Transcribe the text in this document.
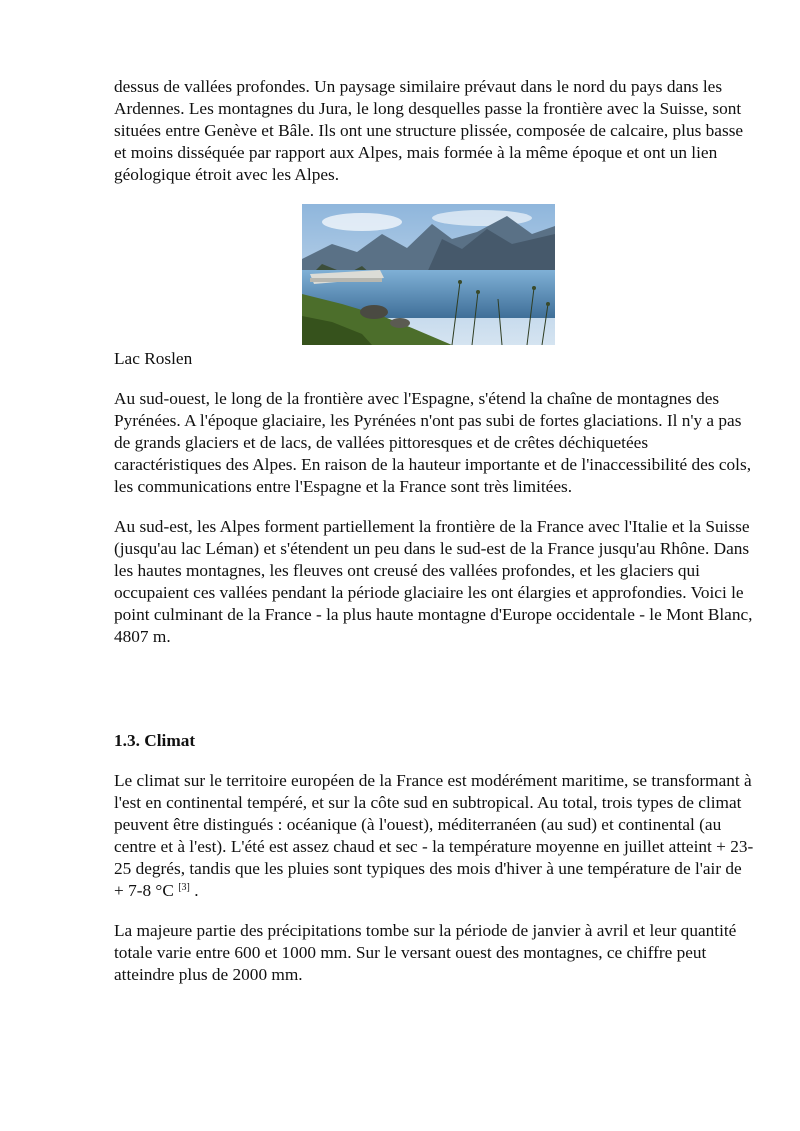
dessus de vallées profondes. Un paysage similaire prévaut dans le nord du pays dans les Ardennes. Les montagnes du Jura, le long desquelles passe la frontière avec la Suisse, sont situées entre Genève et Bâle. Ils ont une structure plissée, composée de calcaire, plus basse et moins disséquée par rapport aux Alpes, mais formée à la même époque et ont un lien géologique étroit avec les Alpes.

Lac Roslen

Au sud-ouest, le long de la frontière avec l'Espagne, s'étend la chaîne de montagnes des Pyrénées. A l'époque glaciaire, les Pyrénées n'ont pas subi de fortes glaciations. Il n'y a pas de grands glaciers et de lacs, de vallées pittoresques et de crêtes déchiquetées caractéristiques des Alpes. En raison de la hauteur importante et de l'inaccessibilité des cols, les communications entre l'Espagne et la France sont très limitées.

Au sud-est, les Alpes forment partiellement la frontière de la France avec l'Italie et la Suisse (jusqu'au lac Léman) et s'étendent un peu dans le sud-est de la France jusqu'au Rhône. Dans les hautes montagnes, les fleuves ont creusé des vallées profondes, et les glaciers qui occupaient ces vallées pendant la période glaciaire les ont élargies et approfondies. Voici le point culminant de la France - la plus haute montagne d'Europe occidentale - le Mont Blanc, 4807 m.

1.3. Climat

Le climat sur le territoire européen de la France est modérément maritime, se transformant à l'est en continental tempéré, et sur la côte sud en subtropical. Au total, trois types de climat peuvent être distingués : océanique (à l'ouest), méditerranéen (au sud) et continental (au centre et à l'est). L'été est assez chaud et sec - la température moyenne en juillet atteint + 23-25 degrés, tandis que les pluies sont typiques des mois d'hiver à une température de l'air de + 7-8 °C [3] .

La majeure partie des précipitations tombe sur la période de janvier à avril et leur quantité totale varie entre 600 et 1000 mm. Sur le versant ouest des montagnes, ce chiffre peut atteindre plus de 2000 mm.
